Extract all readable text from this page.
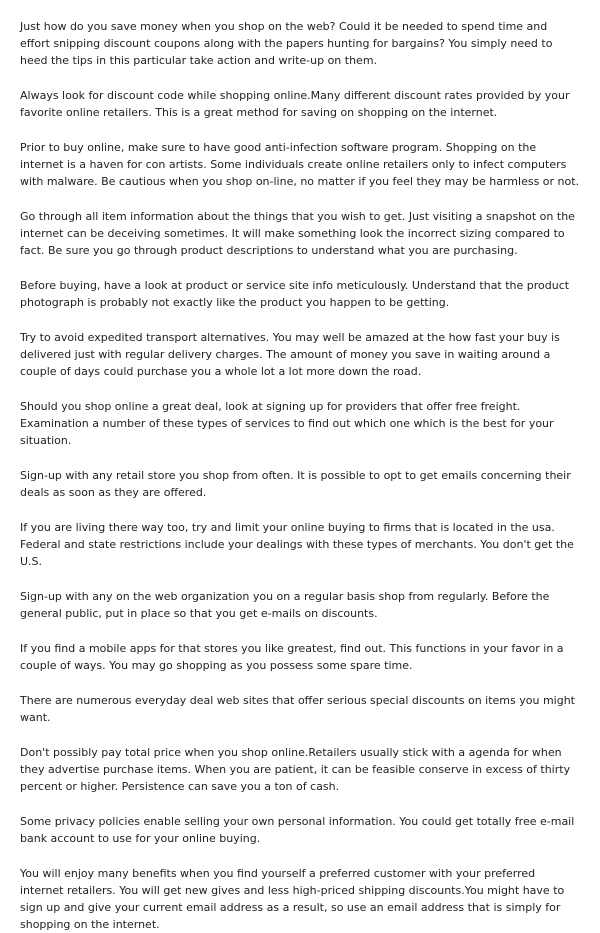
Just how do you save money when you shop on the web? Could it be needed to spend time and effort snipping discount coupons along with the papers hunting for bargains? You simply need to heed the tips in this particular take action and write-up on them.

Always look for discount code while shopping online.Many different discount rates provided by your favorite online retailers. This is a great method for saving on shopping on the internet.

Prior to buy online, make sure to have good anti-infection software program. Shopping on the internet is a haven for con artists. Some individuals create online retailers only to infect computers with malware. Be cautious when you shop on-line, no matter if you feel they may be harmless or not.

Go through all item information about the things that you wish to get. Just visiting a snapshot on the internet can be deceiving sometimes. It will make something look the incorrect sizing compared to fact. Be sure you go through product descriptions to understand what you are purchasing.

Before buying, have a look at product or service site info meticulously. Understand that the product photograph is probably not exactly like the product you happen to be getting.

Try to avoid expedited transport alternatives. You may well be amazed at the how fast your buy is delivered just with regular delivery charges. The amount of money you save in waiting around a couple of days could purchase you a whole lot a lot more down the road.

Should you shop online a great deal, look at signing up for providers that offer free freight. Examination a number of these types of services to find out which one which is the best for your situation.

Sign-up with any retail store you shop from often. It is possible to opt to get emails concerning their deals as soon as they are offered.

If you are living there way too, try and limit your online buying to firms that is located in the usa. Federal and state restrictions include your dealings with these types of merchants. You don't get the U.S.

Sign-up with any on the web organization you on a regular basis shop from regularly. Before the general public, put in place so that you get e-mails on discounts.

If you find a mobile apps for that stores you like greatest, find out. This functions in your favor in a couple of ways. You may go shopping as you possess some spare time.

There are numerous everyday deal web sites that offer serious special discounts on items you might want.

Don't possibly pay total price when you shop online.Retailers usually stick with a agenda for when they advertise purchase items. When you are patient, it can be feasible conserve in excess of thirty percent or higher. Persistence can save you a ton of cash.

Some privacy policies enable selling your own personal information. You could get totally free e-mail bank account to use for your online buying.

You will enjoy many benefits when you find yourself a preferred customer with your preferred internet retailers. You will get new gives and less high-priced shipping discounts.You might have to sign up and give your current email address as a result, so use an email address that is simply for shopping on the internet.
